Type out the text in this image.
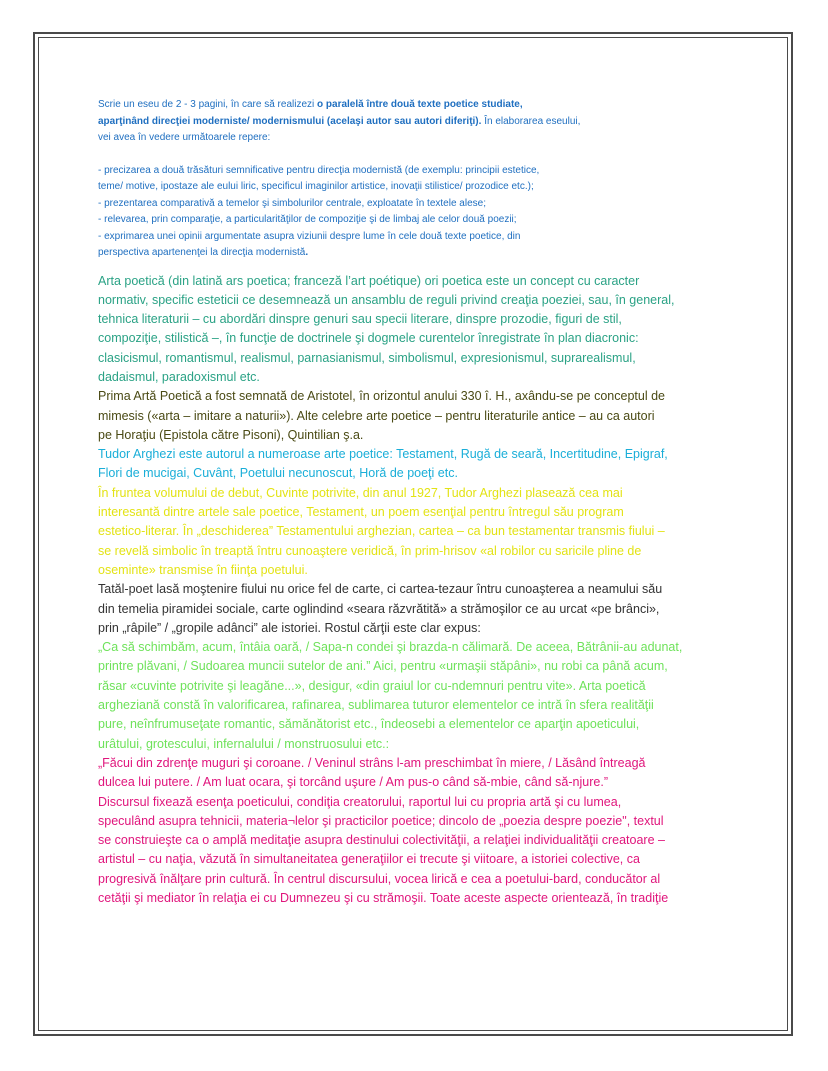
Scrie un eseu de 2 - 3 pagini, în care să realizezi o paralelă între două texte poetice studiate,

aparţinând direcţiei moderniste/ modernismului (acelaşi autor sau autori diferiţi). În elaborarea eseului,

vei avea în vedere următoarele repere:

- precizarea a două trăsături semnificative pentru direcţia modernistă (de exemplu: principii estetice,

teme/ motive, ipostaze ale eului liric, specificul imaginilor artistice, inovaţii stilistice/ prozodice etc.);

- prezentarea comparativă a temelor şi simbolurilor centrale, exploatate în textele alese;

- relevarea, prin comparaţie, a particularităţilor de compoziţie şi de limbaj ale celor două poezii;

- exprimarea unei opinii argumentate asupra viziunii despre lume în cele două texte poetice, din

perspectiva apartenenţei la direcţia modernistă.

Arta poetică (din latină ars poetica; franceză l’art poétique) ori poetica este un concept cu caracter

normativ, specific esteticii ce desemnează un ansamblu de reguli privind creaţia poeziei, sau, în general,

tehnica literaturii – cu abordări dinspre genuri sau specii literare, dinspre prozodie, figuri de stil,

compoziţie, stilistică –, în funcţie de doctrinele şi dogmele curentelor înregistrate în plan diacronic:

clasicismul, romantismul, realismul, parnasianismul, simbolismul, expresionismul, suprarealismul,

dadaismul, paradoxismul etc.

Prima Artă Poetică a fost semnată de Aristotel, în orizontul anului 330 î. H., axându-se pe conceptul de

mimesis («arta – imitare a naturii»). Alte celebre arte poetice – pentru literaturile antice – au ca autori

pe Horaţiu (Epistola către Pisoni), Quintilian ş.a.

Tudor Arghezi este autorul a numeroase arte poetice: Testament, Rugă de seară, Incertitudine, Epigraf,

Flori de mucigai, Cuvânt, Poetului necunoscut, Horă de poeţi etc.

În fruntea volumului de debut, Cuvinte potrivite, din anul 1927, Tudor Arghezi plasează cea mai

interesantă dintre artele sale poetice, Testament, un poem esenţial pentru întregul său program

estetico-literar. În „deschiderea” Testamentului arghezian, cartea – ca bun testamentar transmis fiului –

se revelă simbolic în treaptă întru cunoaştere veridică, în prim-hrisov «al robilor cu saricile pline de

oseminte» transmise în fiinţa poetului.

Tatăl-poet lasă moştenire fiului nu orice fel de carte, ci cartea-tezaur întru cunoaşterea a neamului său

din temelia piramidei sociale, carte oglindind «seara răzvrătită» a strămoşilor ce au urcat «pe brânci»,

prin „râpile” / „gropile adânci” ale istoriei. Rostul cărţii este clar expus:

„Ca să schimbăm, acum, întâia oară, / Sapa-n condei şi brazda-n călimară. De aceea, Bătrânii-au adunat,

printre plăvani, / Sudoarea muncii sutelor de ani.” Aici, pentru «urmaşii stăpâni», nu robi ca până acum,

răsar «cuvinte potrivite şi leagăne...», desigur, «din graiul lor cu-ndemnuri pentru vite». Arta poetică

argheziană constă în valorificarea, rafinarea, sublimarea tuturor elementelor ce intră în sfera realităţii

pure, neînfrumuseţate romantic, sămănătorist etc., îndeosebi a elementelor ce aparţin apoeticului,

urâtului, grotescului, infernalului / monstruosului etc.:

„Făcui din zdrenţe muguri şi coroane. / Veninul strâns l-am preschimbat în miere, / Lăsând întreagă

dulcea lui putere. / Am luat ocara, şi torcând uşure / Am pus-o când să-mbie, când să-njure.”

Discursul fixează esenţa poeticului, condiţia creatorului, raportul lui cu propria artă şi cu lumea,

speculând asupra tehnicii, materia¬lelor şi practicilor poetice; dincolo de „poezia despre poezie", textul

se construieşte ca o amplă meditaţie asupra destinului colectivităţii, a relaţiei individualităţii creatoare –

artistul – cu naţia, văzută în simultaneitatea generaţiilor ei trecute şi viitoare, a istoriei colective, ca

progresivă înălţare prin cultură. În centrul discursului, vocea lirică e cea a poetului-bard, conducător al

cetăţii şi mediator în relaţia ei cu Dumnezeu şi cu strămoşii. Toate aceste aspecte orientează, în tradiţie
